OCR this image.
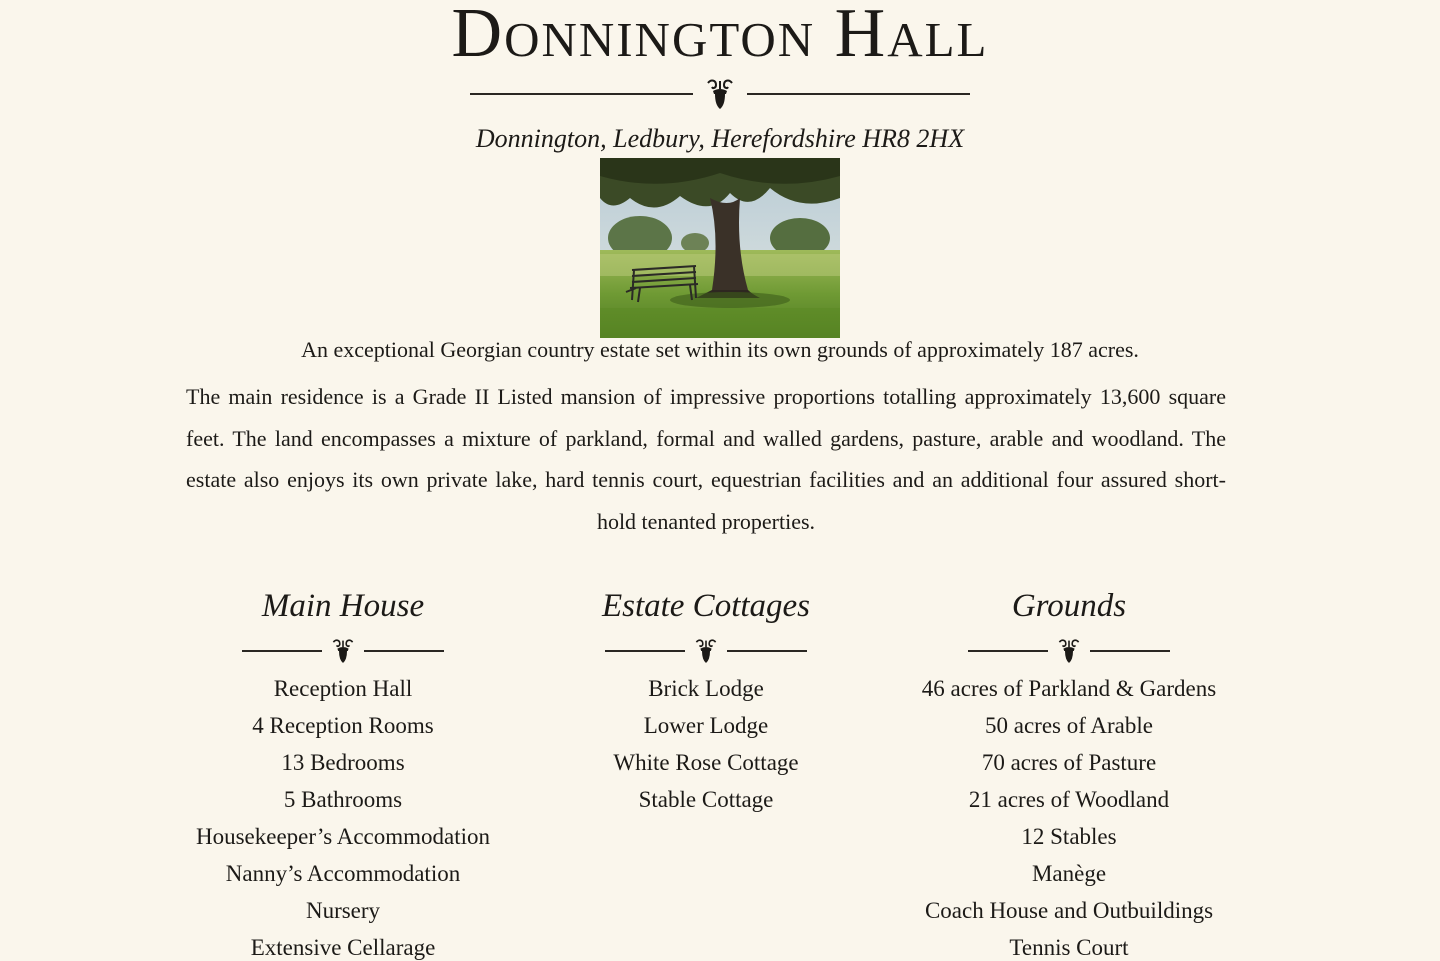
Donnington Hall

Donnington, Ledbury, Herefordshire HR8 2HX

An exceptional Georgian country estate set within its own grounds of approximately 187 acres.

The main residence is a Grade II Listed mansion of impressive proportions totalling approximately 13,600 square feet. The land encompasses a mixture of parkland, formal and walled gardens, pasture, arable and woodland. The estate also enjoys its own private lake, hard tennis court, equestrian facilities and an additional four assured short-hold tenanted properties.

Main House
Reception Hall
4 Reception Rooms
13 Bedrooms
5 Bathrooms
Housekeeper’s Accommodation
Nanny’s Accommodation
Nursery
Extensive Cellarage
Estate Cottages
Brick Lodge
Lower Lodge
White Rose Cottage
Stable Cottage
Grounds
46 acres of Parkland & Gardens
50 acres of Arable
70 acres of Pasture
21 acres of Woodland
12 Stables
Manège
Coach House and Outbuildings
Tennis Court
